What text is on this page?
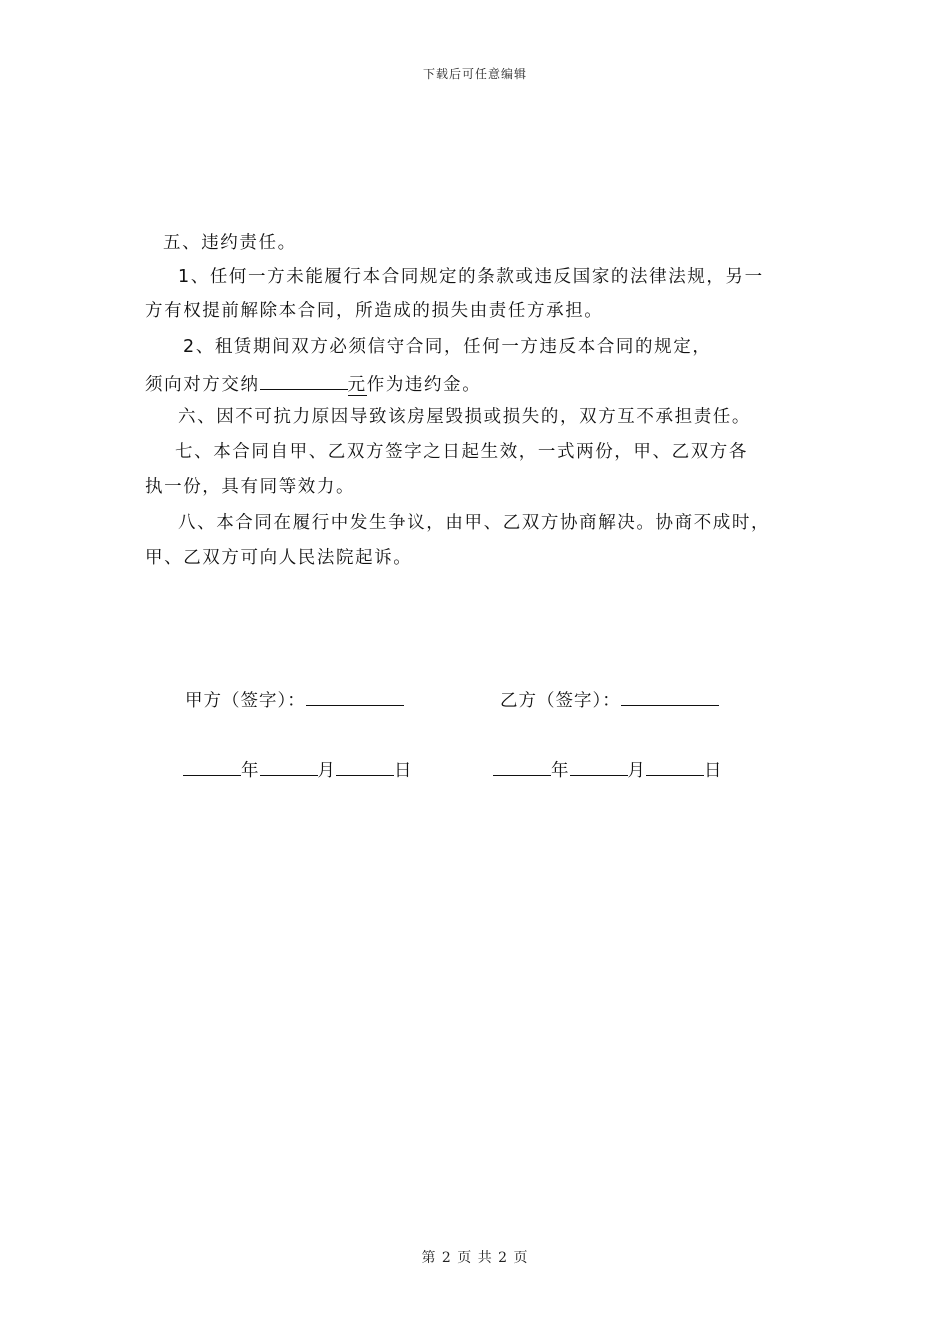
下载后可任意编辑
五、违约责任。
1、任何一方未能履行本合同规定的条款或违反国家的法律法规，另一
方有权提前解除本合同，所造成的损失由责任方承担。
2、租赁期间双方必须信守合同，任何一方违反本合同的规定，
须向对方交纳	元作为违约金。
六、因不可抗力原因导致该房屋毁损或损失的，双方互不承担责任。
七、本合同自甲、乙双方签字之日起生效，一式两份，甲、乙双方各
执一份，具有同等效力。
八、本合同在履行中发生争议，由甲、乙双方协商解决。协商不成时，
甲、乙双方可向人民法院起诉。
甲方（签字）：	乙方（签字）：
年	月	日	年	月	日
第 2 页 共 2 页
